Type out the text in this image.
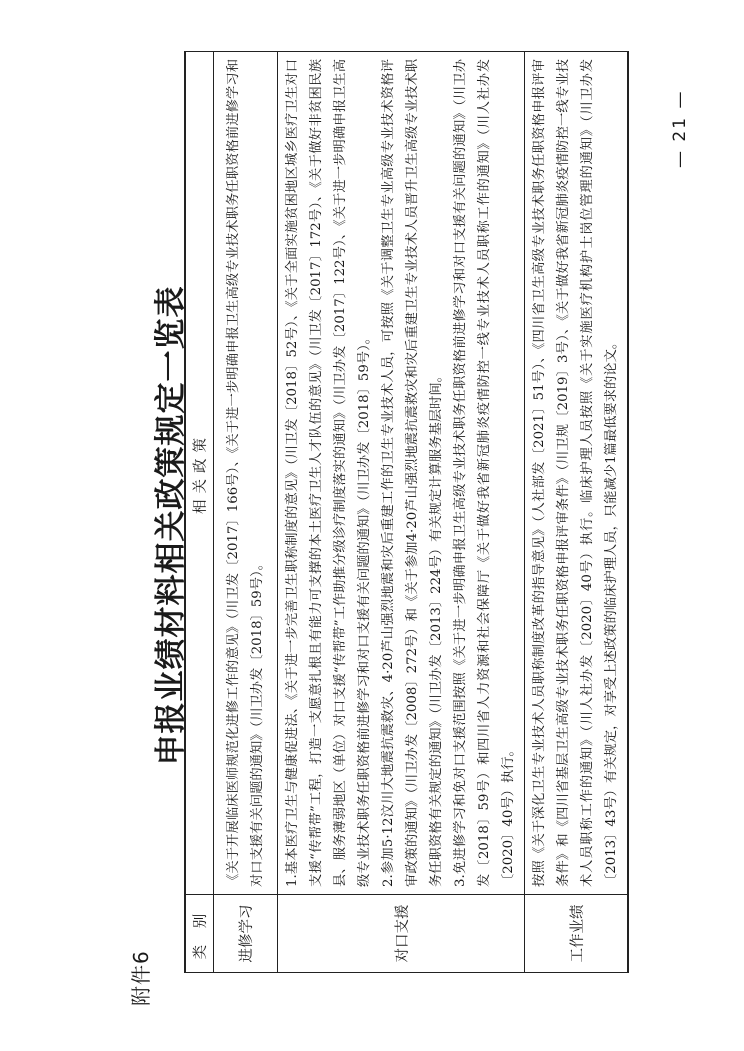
附件6
申报业绩材料相关政策规定一览表
类 别	相关政策
进修学习	《关于开展临床医师规范化进修工作的意见》（川卫发〔2017〕166号）、《关于进一步明确申报卫生高级专业技术职务任职资格前进修学习和对口支援有关问题的通知》（川卫办发〔2018〕59号）。

对口支援	1.基本医疗卫生与健康促进法、《关于进一步完善卫生职称制度的意见》（川卫发〔2018〕52号）、《关于全面实施贫困地区城乡医疗卫生对口支援“传帮带”工程，打造一支愿意扎根且有能力可支撑的本土医疗卫生人才队伍的意见》（川卫发〔2017〕172号）、《关于做好非贫困民族县、服务薄弱地区（单位）对口支援“传帮带”工作助推分级诊疗制度落实的通知》（川卫办发〔2017〕122号）、《关于进一步明确申报卫生高级专业技术职务任职资格前进修学习和对口支援有关问题的通知》（川卫办发〔2018〕59号）。 2.参加5·12汶川大地震抗震救灾、4·20芦山强烈地震和灾后重建工作的卫生专业技术人员，可按照《关于调整卫生专业高级专业技术资格评审政策的通知》（川卫办发〔2008〕272号）和《关于参加4·20芦山强烈地震抗震救灾和灾后重建卫生专业技术人员晋升卫生高级专业技术职务任职资格有关规定的通知》（川卫办发〔2013〕224号）有关规定计算服务基层时间。 3.免进修学习和免对口支援范围按照《关于进一步明确申报卫生高级专业技术职务任职资格前进修学习和对口支援有关问题的通知》（川卫办发〔2018〕59号）和四川省人力资源和社会保障厅《关于做好我省新冠肺炎疫情防控一线专业技术人员职称工作的通知》（川人社办发〔2020〕40号）执行。

工作业绩	按照《关于深化卫生专业技术人员职称制度改革的指导意见》（人社部发〔2021〕51号）、《四川省卫生高级专业技术职务任职资格申报评审条件》和《四川省基层卫生高级专业技术职务任职资格申报评审条件》（川卫规〔2019〕3号）、《关于做好我省新冠肺炎疫情防控一线专业技术人员职称工作的通知》（川人社办发〔2020〕40号）执行。临床护理人员按照《关于实施医疗机构护士岗位管理的通知》（川卫办发〔2013〕43号）有关规定，对享受上述政策的临床护理人员，只能减少1篇最低要求的论文。
— 21 —
